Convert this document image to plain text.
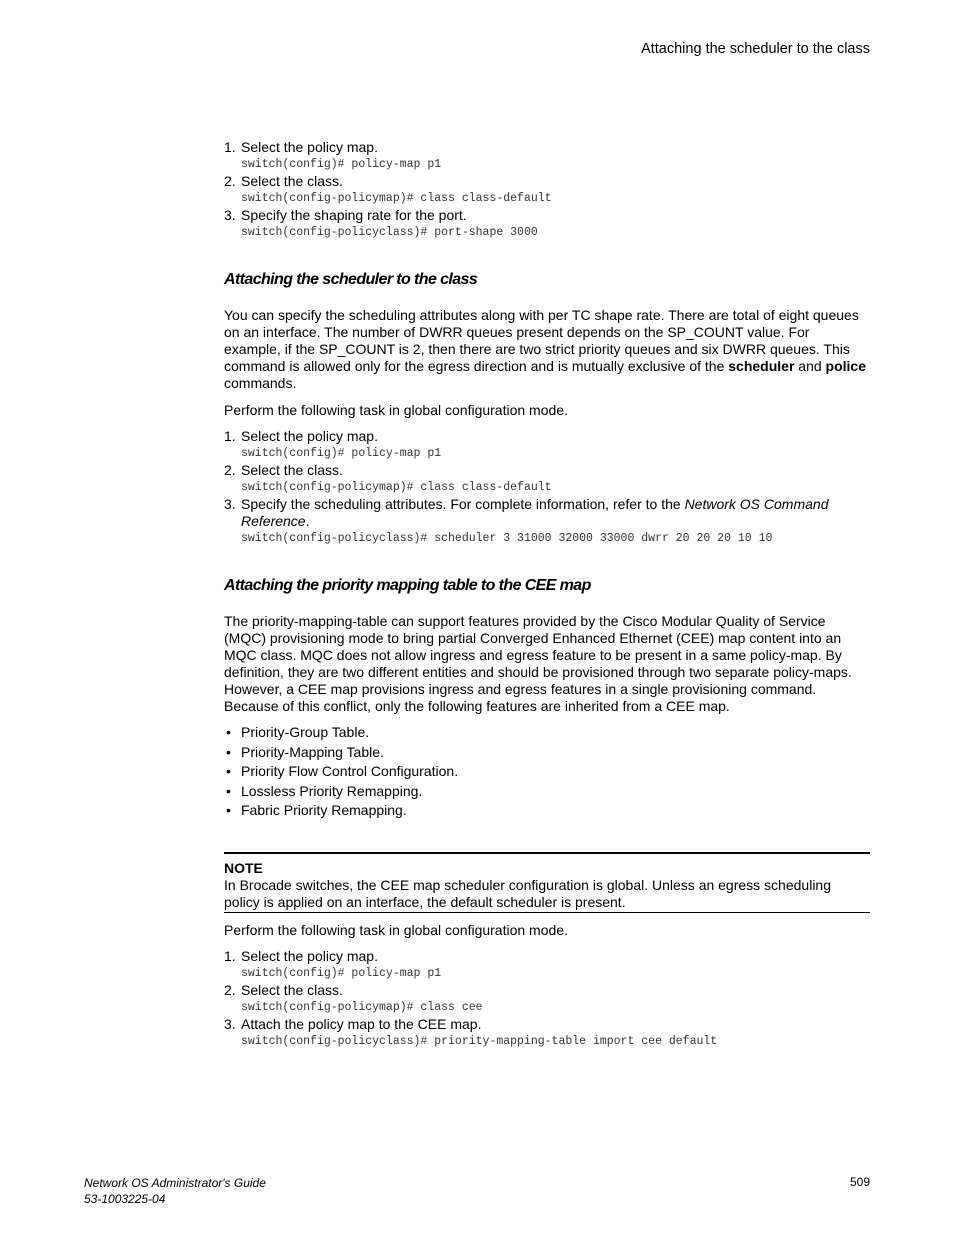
Attaching the scheduler to the class
1. Select the policy map.
switch(config)# policy-map p1
2. Select the class.
switch(config-policymap)# class class-default
3. Specify the shaping rate for the port.
switch(config-policyclass)# port-shape 3000
Attaching the scheduler to the class

You can specify the scheduling attributes along with per TC shape rate. There are total of eight queues on an interface. The number of DWRR queues present depends on the SP_COUNT value. For example, if the SP_COUNT is 2, then there are two strict priority queues and six DWRR queues. This command is allowed only for the egress direction and is mutually exclusive of the scheduler and police commands.

Perform the following task in global configuration mode.

1. Select the policy map.
switch(config)# policy-map p1
2. Select the class.
switch(config-policymap)# class class-default
3. Specify the scheduling attributes. For complete information, refer to the Network OS Command Reference.
switch(config-policyclass)# scheduler 3 31000 32000 33000 dwrr 20 20 20 10 10
Attaching the priority mapping table to the CEE map

The priority-mapping-table can support features provided by the Cisco Modular Quality of Service (MQC) provisioning mode to bring partial Converged Enhanced Ethernet (CEE) map content into an MQC class. MQC does not allow ingress and egress feature to be present in a same policy-map. By definition, they are two different entities and should be provisioned through two separate policy-maps. However, a CEE map provisions ingress and egress features in a single provisioning command. Because of this conflict, only the following features are inherited from a CEE map.

• Priority-Group Table.
• Priority-Mapping Table.
• Priority Flow Control Configuration.
• Lossless Priority Remapping.
• Fabric Priority Remapping.
NOTE

In Brocade switches, the CEE map scheduler configuration is global. Unless an egress scheduling policy is applied on an interface, the default scheduler is present.

Perform the following task in global configuration mode.

1. Select the policy map.
switch(config)# policy-map p1
2. Select the class.
switch(config-policymap)# class cee
3. Attach the policy map to the CEE map.
switch(config-policyclass)# priority-mapping-table import cee default
Network OS Administrator's Guide
53-1003225-04
509
